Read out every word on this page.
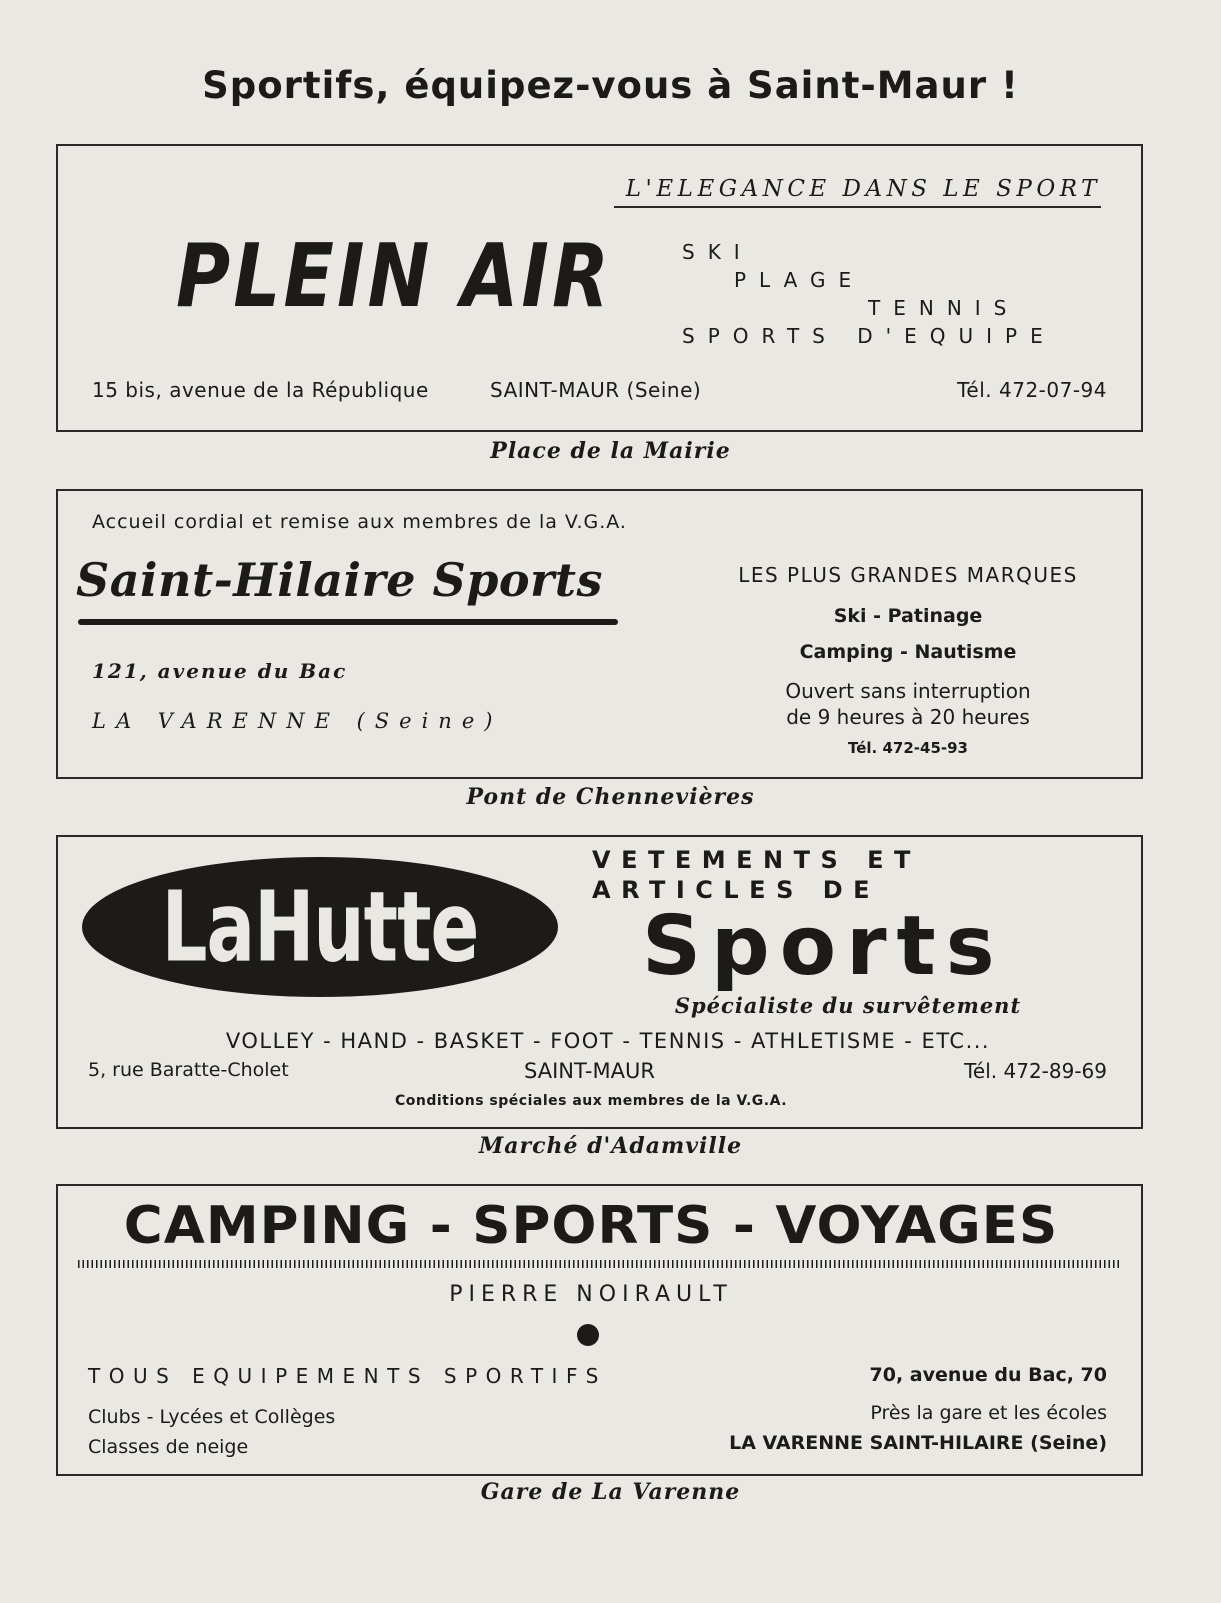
Sportifs, équipez-vous à Saint-Maur !
L'ELEGANCE DANS LE SPORT
PLEIN AIR	SKI
PLAGE
TENNIS
SPORTS D'EQUIPE
15 bis, avenue de la République	SAINT-MAUR (Seine)	Tél. 472-07-94
Place de la Mairie
Accueil cordial et remise aux membres de la V.G.A.
Saint-Hilaire Sports
121, avenue du Bac
LA VARENNE (Seine)
LES PLUS GRANDES MARQUES
Ski - Patinage
Camping - Nautisme
Ouvert sans interruption
de 9 heures à 20 heures
Tél. 472-45-93
Pont de Chennevières
LaHutte
VETEMENTS ET ARTICLES DE
Sports
Spécialiste du survêtement
VOLLEY - HAND - BASKET - FOOT - TENNIS - ATHLETISME - ETC...
5, rue Baratte-Cholet	SAINT-MAUR	Tél. 472-89-69
Conditions spéciales aux membres de la V.G.A.
Marché d'Adamville
CAMPING - SPORTS - VOYAGES
PIERRE NOIRAULT
TOUS EQUIPEMENTS SPORTIFS
Clubs - Lycées et Collèges
Classes de neige
70, avenue du Bac, 70
Près la gare et les écoles
LA VARENNE SAINT-HILAIRE (Seine)
Gare de La Varenne
